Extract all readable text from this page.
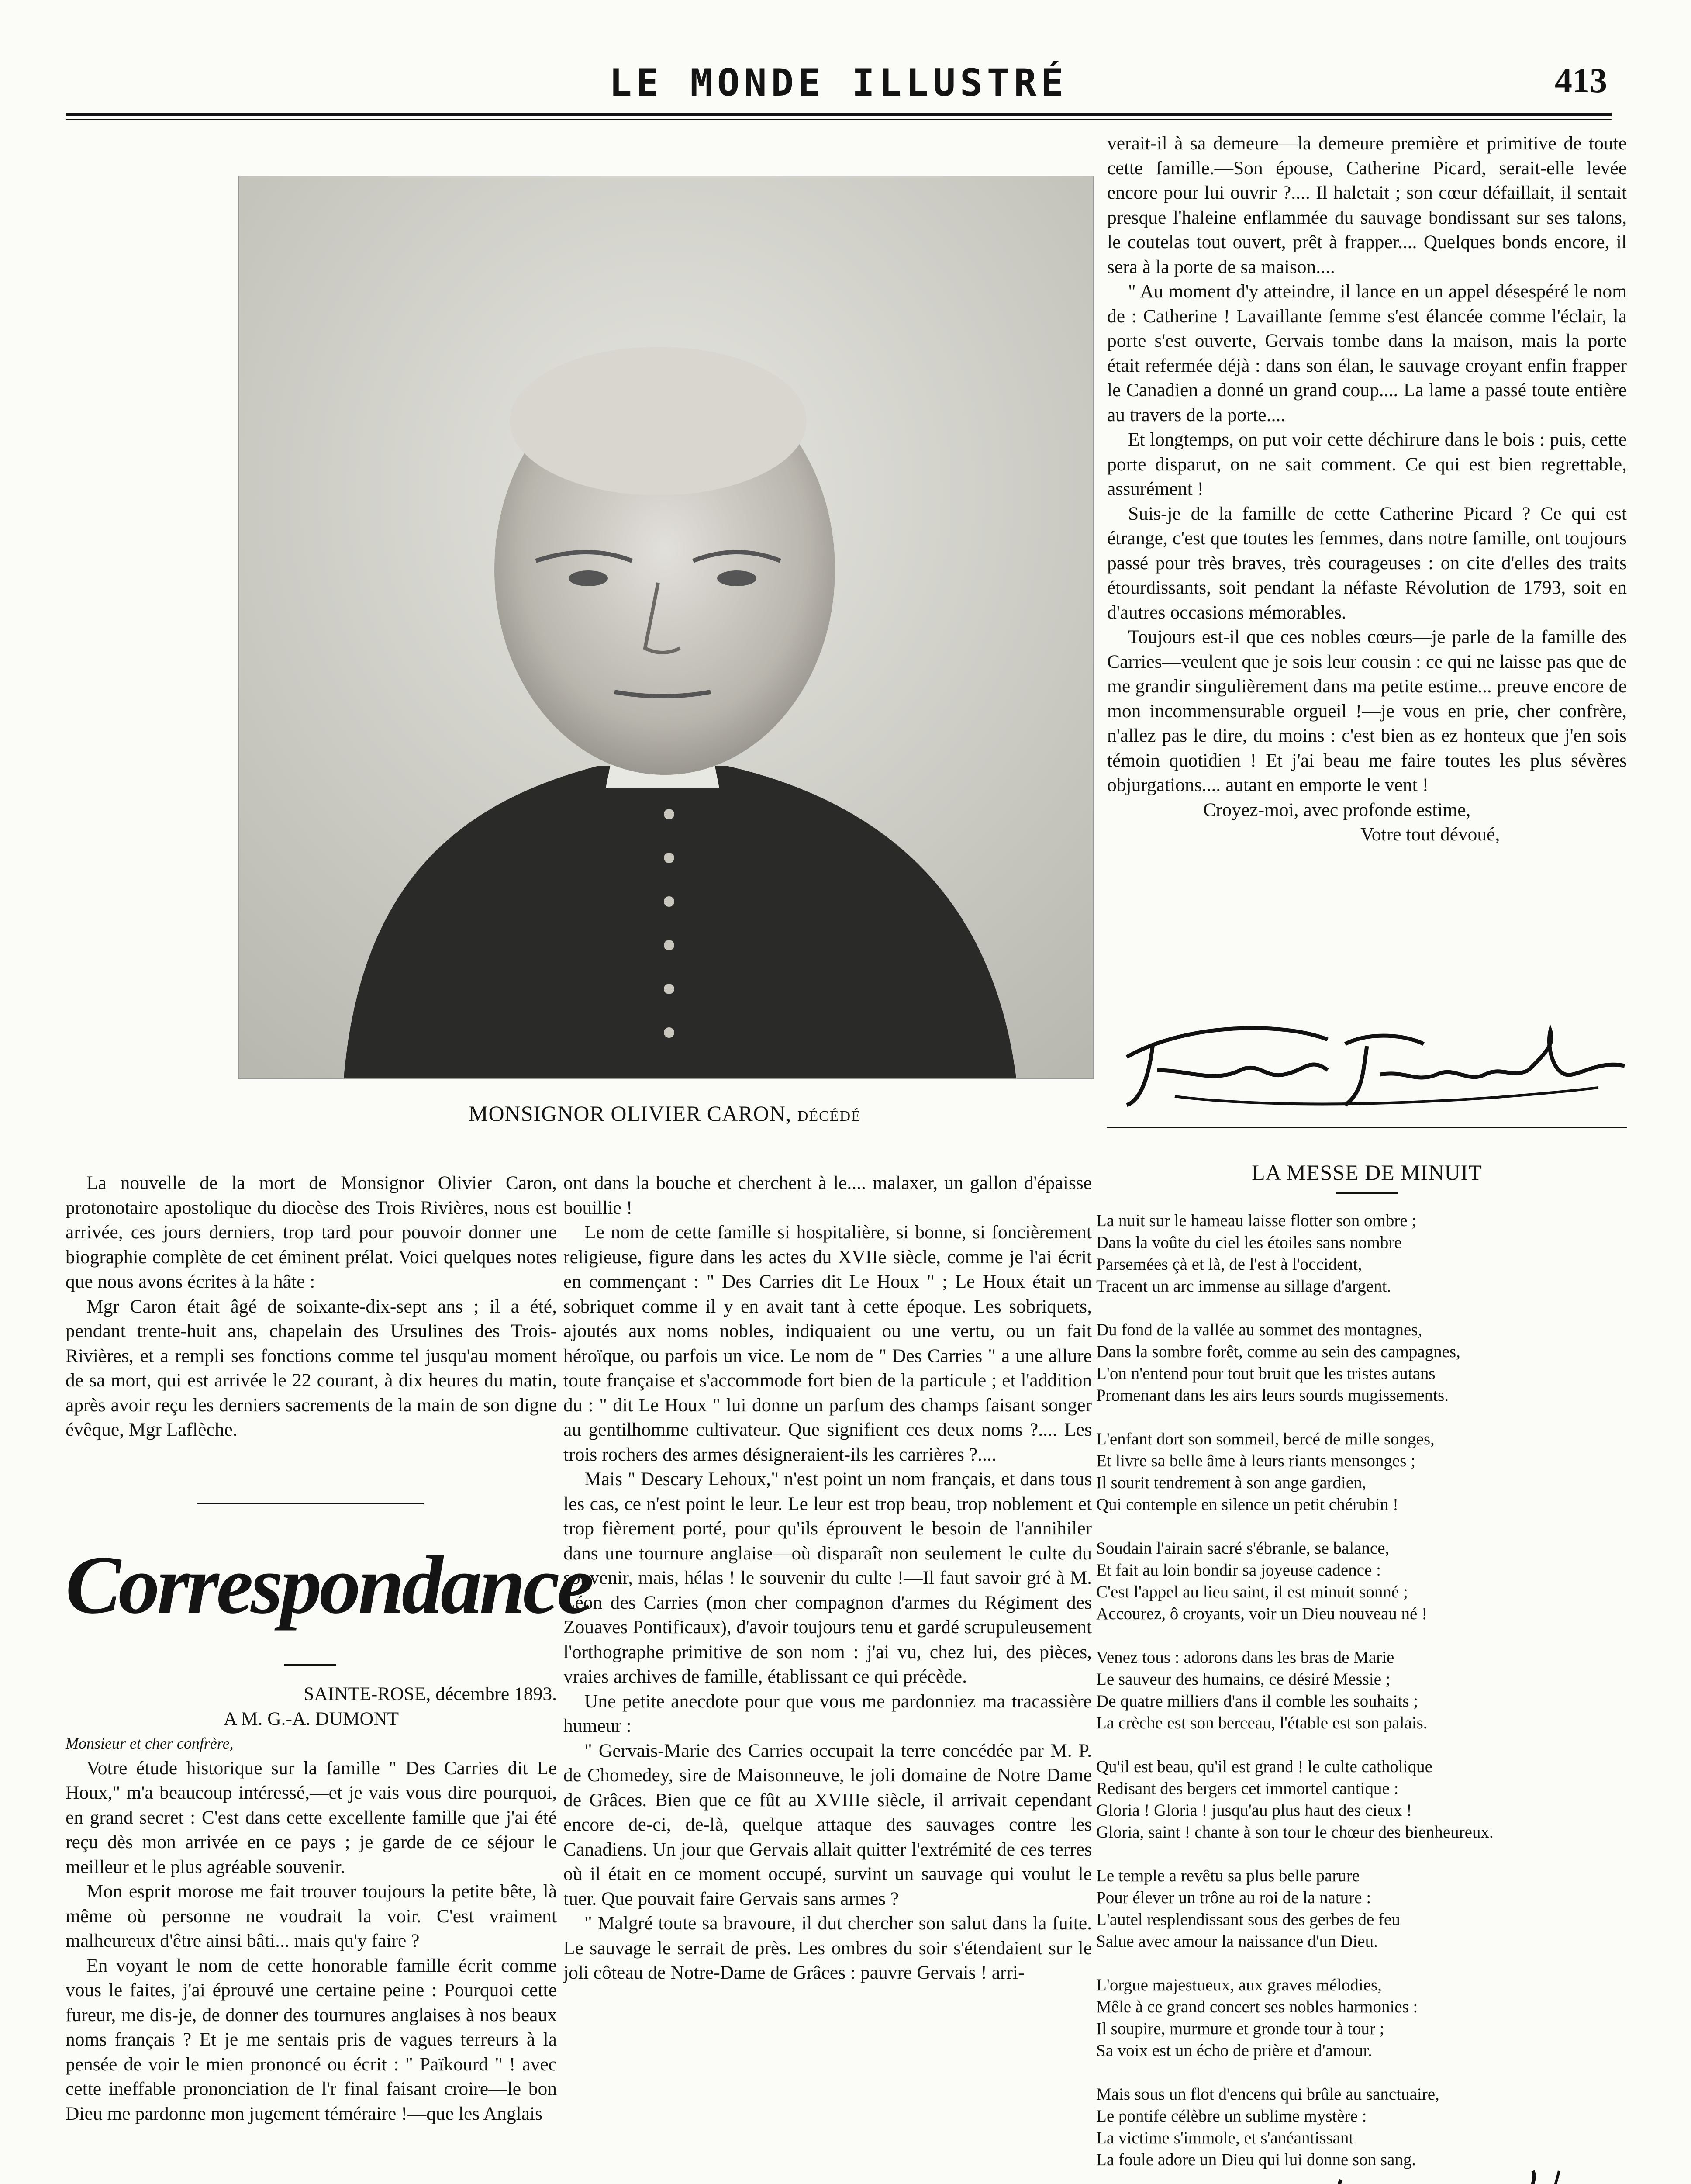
LE MONDE ILLUSTRÉ	413
MONSIGNOR OLIVIER CARON, DÉCÉDÉ

La nouvelle de la mort de Monsignor Olivier Caron, protonotaire apostolique du diocèse des Trois Rivières, nous est arrivée, ces jours derniers, trop tard pour pouvoir donner une biographie complète de cet éminent prélat. Voici quelques notes que nous avons écrites à la hâte :

Mgr Caron était âgé de soixante-dix-sept ans ; il a été, pendant trente-huit ans, chapelain des Ursulines des Trois-Rivières, et a rempli ses fonctions comme tel jusqu'au moment de sa mort, qui est arrivée le 22 courant, à dix heures du matin, après avoir reçu les derniers sacrements de la main de son digne évêque, Mgr Laflèche.

Correspondance

SAINTE-ROSE, décembre 1893.

A M. G.-A. DUMONT

Monsieur et cher confrère,

Votre étude historique sur la famille " Des Carries dit Le Houx," m'a beaucoup intéressé,—et je vais vous dire pourquoi, en grand secret : C'est dans cette excellente famille que j'ai été reçu dès mon arrivée en ce pays ; je garde de ce séjour le meilleur et le plus agréable souvenir.

Mon esprit morose me fait trouver toujours la petite bête, là même où personne ne voudrait la voir. C'est vraiment malheureux d'être ainsi bâti... mais qu'y faire ?

En voyant le nom de cette honorable famille écrit comme vous le faites, j'ai éprouvé une certaine peine : Pourquoi cette fureur, me dis-je, de donner des tournures anglaises à nos beaux noms français ? Et je me sentais pris de vagues terreurs à la pensée de voir le mien prononcé ou écrit : " Païkourd " ! avec cette ineffable prononciation de l'r final faisant croire—le bon Dieu me pardonne mon jugement téméraire !—que les Anglais

ont dans la bouche et cherchent à le.... malaxer, un gallon d'épaisse bouillie !

Le nom de cette famille si hospitalière, si bonne, si foncièrement religieuse, figure dans les actes du XVIIe siècle, comme je l'ai écrit en commençant : " Des Carries dit Le Houx " ; Le Houx était un sobriquet comme il y en avait tant à cette époque. Les sobriquets, ajoutés aux noms nobles, indiquaient ou une vertu, ou un fait héroïque, ou parfois un vice. Le nom de " Des Carries " a une allure toute française et s'accommode fort bien de la particule ; et l'addition du : " dit Le Houx " lui donne un parfum des champs faisant songer au gentilhomme cultivateur. Que signifient ces deux noms ?.... Les trois rochers des armes désigneraient-ils les carrières ?....

Mais " Descary Lehoux," n'est point un nom français, et dans tous les cas, ce n'est point le leur. Le leur est trop beau, trop noblement et trop fièrement porté, pour qu'ils éprouvent le besoin de l'annihiler dans une tournure anglaise—où disparaît non seulement le culte du souvenir, mais, hélas ! le souvenir du culte !—Il faut savoir gré à M. Léon des Carries (mon cher compagnon d'armes du Régiment des Zouaves Pontificaux), d'avoir toujours tenu et gardé scrupuleusement l'orthographe primitive de son nom : j'ai vu, chez lui, des pièces, vraies archives de famille, établissant ce qui précède.

Une petite anecdote pour que vous me pardonniez ma tracassière humeur :

" Gervais-Marie des Carries occupait la terre concédée par M. P. de Chomedey, sire de Maisonneuve, le joli domaine de Notre Dame de Grâces. Bien que ce fût au XVIIIe siècle, il arrivait cependant encore de-ci, de-là, quelque attaque des sauvages contre les Canadiens. Un jour que Gervais allait quitter l'extrémité de ces terres où il était en ce moment occupé, survint un sauvage qui voulut le tuer. Que pouvait faire Gervais sans armes ?

" Malgré toute sa bravoure, il dut chercher son salut dans la fuite. Le sauvage le serrait de près. Les ombres du soir s'étendaient sur le joli côteau de Notre-Dame de Grâces : pauvre Gervais ! arri-

verait-il à sa demeure—la demeure première et primitive de toute cette famille.—Son épouse, Catherine Picard, serait-elle levée encore pour lui ouvrir ?.... Il haletait ; son cœur défaillait, il sentait presque l'haleine enflammée du sauvage bondissant sur ses talons, le coutelas tout ouvert, prêt à frapper.... Quelques bonds encore, il sera à la porte de sa maison....

" Au moment d'y atteindre, il lance en un appel désespéré le nom de : Catherine ! Lavaillante femme s'est élancée comme l'éclair, la porte s'est ouverte, Gervais tombe dans la maison, mais la porte était refermée déjà : dans son élan, le sauvage croyant enfin frapper le Canadien a donné un grand coup.... La lame a passé toute entière au travers de la porte....

Et longtemps, on put voir cette déchirure dans le bois : puis, cette porte disparut, on ne sait comment. Ce qui est bien regrettable, assurément !

Suis-je de la famille de cette Catherine Picard ? Ce qui est étrange, c'est que toutes les femmes, dans notre famille, ont toujours passé pour très braves, très courageuses : on cite d'elles des traits étourdissants, soit pendant la néfaste Révolution de 1793, soit en d'autres occasions mémorables.

Toujours est-il que ces nobles cœurs—je parle de la famille des Carries—veulent que je sois leur cousin : ce qui ne laisse pas que de me grandir singulièrement dans ma petite estime... preuve encore de mon incommensurable orgueil !—je vous en prie, cher confrère, n'allez pas le dire, du moins : c'est bien as ez honteux que j'en sois témoin quotidien ! Et j'ai beau me faire toutes les plus sévères objurgations.... autant en emporte le vent !

Croyez-moi, avec profonde estime,

Votre tout dévoué,

Firmin Picard
LA MESSE DE MINUIT
La nuit sur le hameau laisse flotter son ombre ;
Dans la voûte du ciel les étoiles sans nombre
Parsemées çà et là, de l'est à l'occident,
Tracent un arc immense au sillage d'argent.
Du fond de la vallée au sommet des montagnes,
Dans la sombre forêt, comme au sein des campagnes,
L'on n'entend pour tout bruit que les tristes autans
Promenant dans les airs leurs sourds mugissements.
L'enfant dort son sommeil, bercé de mille songes,
Et livre sa belle âme à leurs riants mensonges ;
Il sourit tendrement à son ange gardien,
Qui contemple en silence un petit chérubin !
Soudain l'airain sacré s'ébranle, se balance,
Et fait au loin bondir sa joyeuse cadence :
C'est l'appel au lieu saint, il est minuit sonné ;
Accourez, ô croyants, voir un Dieu nouveau né !
Venez tous : adorons dans les bras de Marie
Le sauveur des humains, ce désiré Messie ;
De quatre milliers d'ans il comble les souhaits ;
La crèche est son berceau, l'étable est son palais.
Qu'il est beau, qu'il est grand ! le culte catholique
Redisant des bergers cet immortel cantique :
Gloria ! Gloria ! jusqu'au plus haut des cieux !
Gloria, saint ! chante à son tour le chœur des bienheureux.
Le temple a revêtu sa plus belle parure
Pour élever un trône au roi de la nature :
L'autel resplendissant sous des gerbes de feu
Salue avec amour la naissance d'un Dieu.
L'orgue majestueux, aux graves mélodies,
Mêle à ce grand concert ses nobles harmonies :
Il soupire, murmure et gronde tour à tour ;
Sa voix est un écho de prière et d'amour.
Mais sous un flot d'encens qui brûle au sanctuaire,
Le pontife célèbre un sublime mystère :
La victime s'immole, et s'anéantissant
La foule adore un Dieu qui lui donne son sang.
